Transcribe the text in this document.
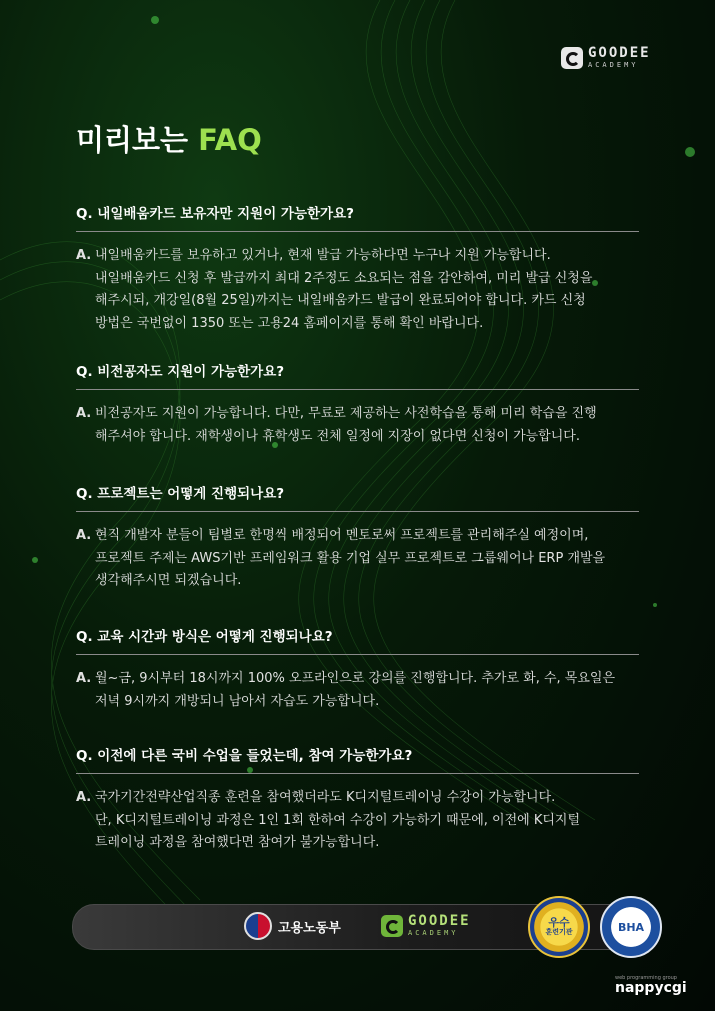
GOODEE
ACADEMY
미리보는 FAQ
Q. 내일배움카드 보유자만 지원이 가능한가요?
A. 내일배움카드를 보유하고 있거나, 현재 발급 가능하다면 누구나 지원 가능합니다.

내일배움카드 신청 후 발급까지 최대 2주정도 소요되는 점을 감안하여, 미리 발급 신청을

해주시되, 개강일(8월 25일)까지는 내일배움카드 발급이 완료되어야 합니다. 카드 신청

방법은 국번없이 1350 또는 고용24 홈페이지를 통해 확인 바랍니다.

Q. 비전공자도 지원이 가능한가요?
A. 비전공자도 지원이 가능합니다. 다만, 무료로 제공하는 사전학습을 통해 미리 학습을 진행

해주셔야 합니다. 재학생이나 휴학생도 전체 일정에 지장이 없다면 신청이 가능합니다.

Q. 프로젝트는 어떻게 진행되나요?
A. 현직 개발자 분들이 팀별로 한명씩 배정되어 멘토로써 프로젝트를 관리해주실 예정이며,

프로젝트 주제는 AWS기반 프레임워크 활용 기업 실무 프로젝트로 그룹웨어나 ERP 개발을

생각해주시면 되겠습니다.

Q. 교육 시간과 방식은 어떻게 진행되나요?
A. 월~금, 9시부터 18시까지 100% 오프라인으로 강의를 진행합니다. 추가로 화, 수, 목요일은

저녁 9시까지 개방되니 남아서 자습도 가능합니다.

Q. 이전에 다른 국비 수업을 들었는데, 참여 가능한가요?
A. 국가기간전략산업직종 훈련을 참여했더라도 K디지털트레이닝 수강이 가능합니다.

단, K디지털트레이닝 과정은 1인 1회 한하여 수강이 가능하기 때문에, 이전에 K디지털

트레이닝 과정을 참여했다면 참여가 불가능합니다.

고용노동부	GOODEE
ACADEMY
우수
훈련기관	BHA
web programming group
nappycgi
